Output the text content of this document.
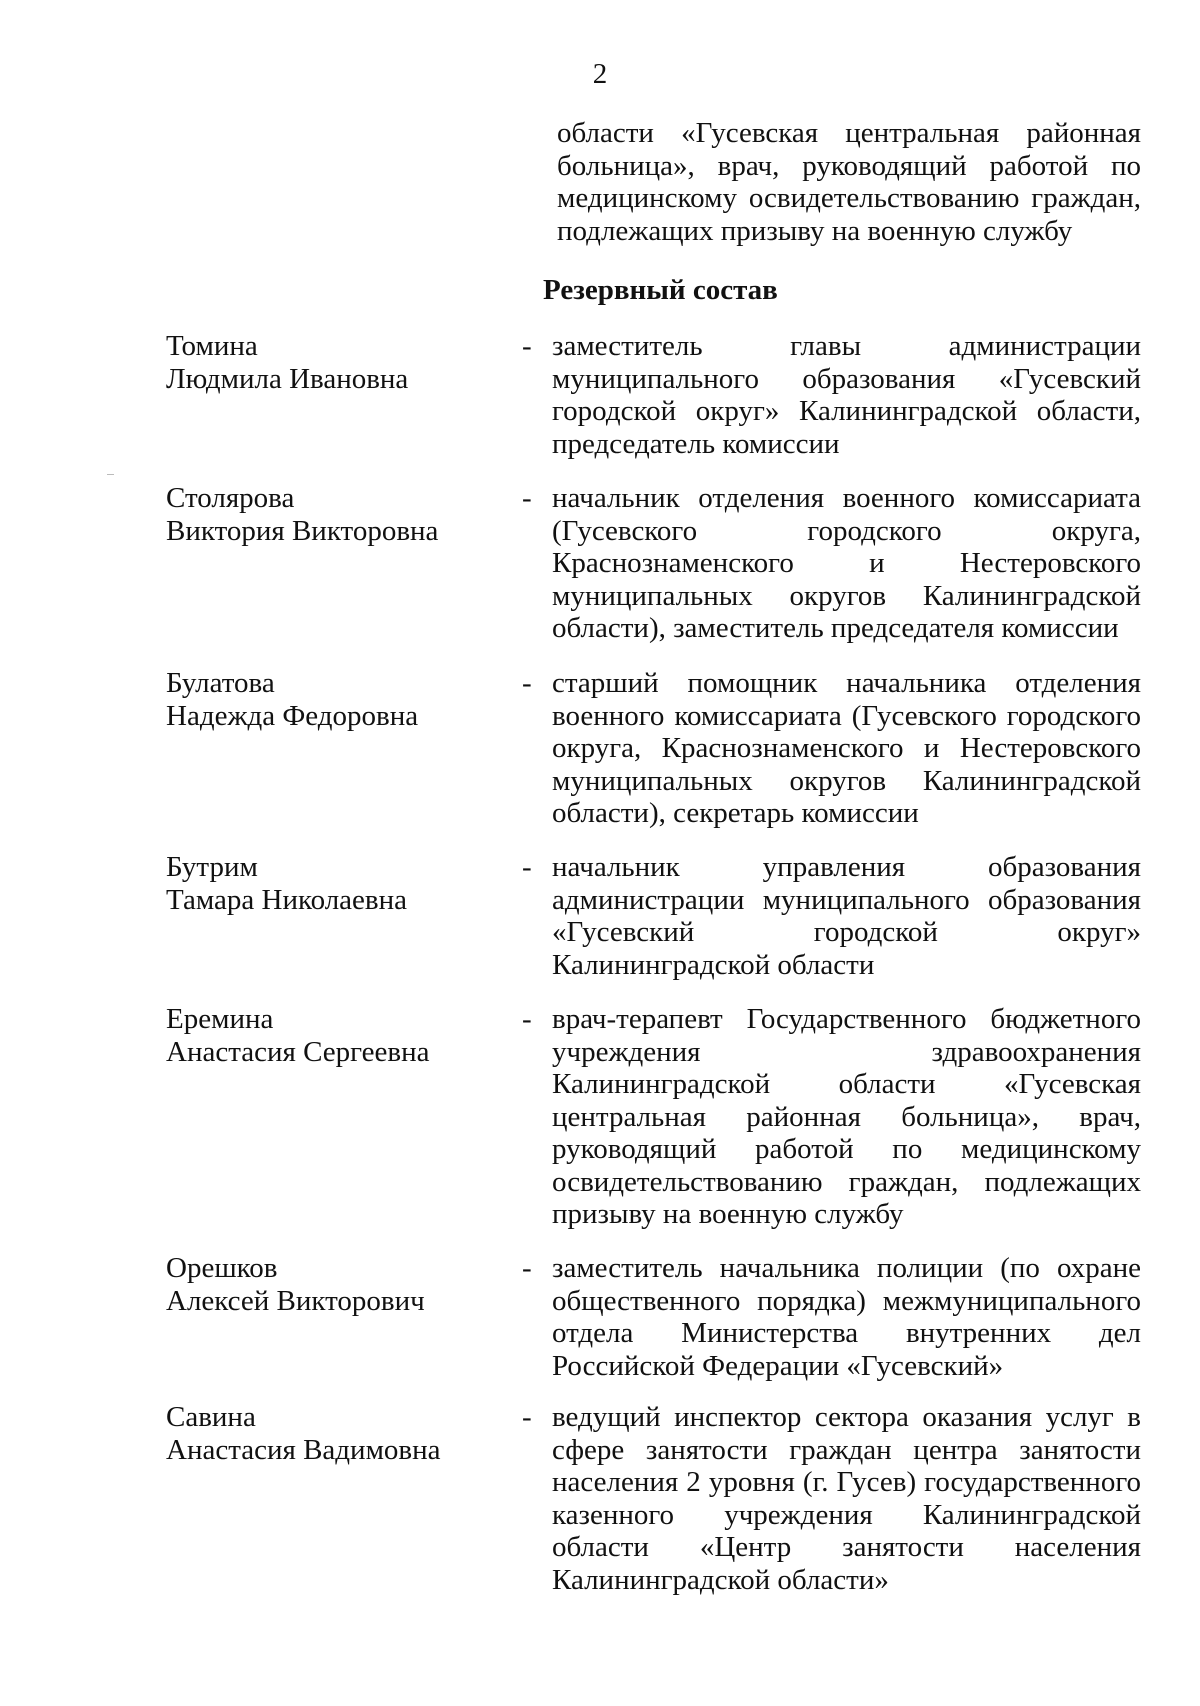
2
области «Гусевская центральная районная больница», врач, руководящий работой по медицинскому освидетельствованию граждан, подлежащих призыву на военную службу
Резервный состав
Томина
Людмила Ивановна
- заместитель главы администрации муниципального образования «Гусевский городской округ» Калининградской области, председатель комиссии
Столярова
Виктория Викторовна
- начальник отделения военного комиссариата (Гусевского городского округа, Краснознаменского и Нестеровского муниципальных округов Калининградской области), заместитель председателя комиссии
Булатова
Надежда Федоровна
- старший помощник начальника отделения военного комиссариата (Гусевского городского округа, Краснознаменского и Нестеровского муниципальных округов Калининградской области), секретарь комиссии
Бутрим
Тамара Николаевна
- начальник управления образования администрации муниципального образования «Гусевский городской округ» Калининградской области
Еремина
Анастасия Сергеевна
- врач-терапевт Государственного бюджетного учреждения здравоохранения Калининградской области «Гусевская центральная районная больница», врач, руководящий работой по медицинскому освидетельствованию граждан, подлежащих призыву на военную службу
Орешков
Алексей Викторович
- заместитель начальника полиции (по охране общественного порядка) межмуниципального отдела Министерства внутренних дел Российской Федерации «Гусевский»
Савина
Анастасия Вадимовна
- ведущий инспектор сектора оказания услуг в сфере занятости граждан центра занятости населения 2 уровня (г. Гусев) государственного казенного учреждения Калининградской области «Центр занятости населения Калининградской области»
